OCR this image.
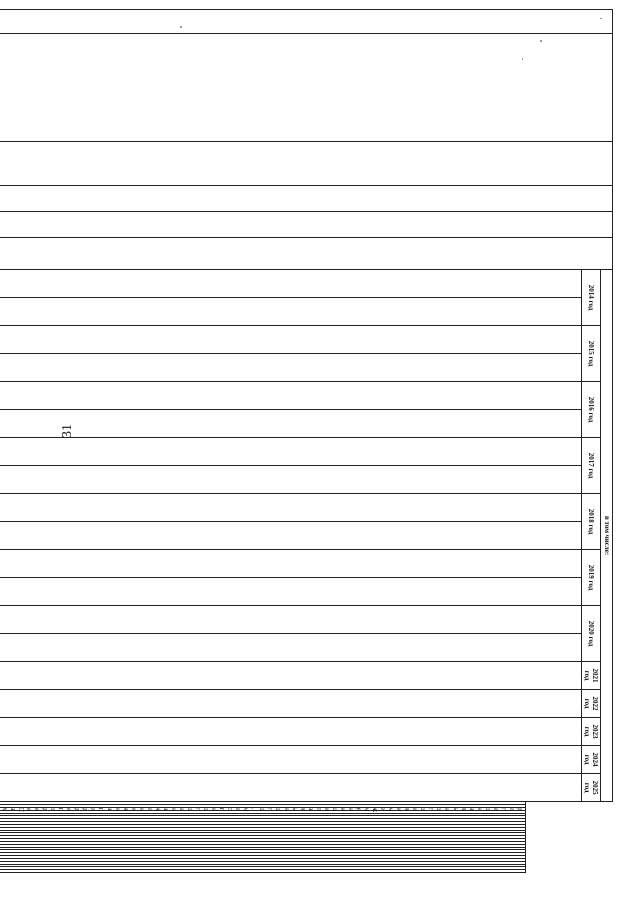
31
						в том числе:																																											
						2014 год		2015 год		2016 год		2017 год		2018 год		2019 год		2020 год		2021 год	2022 год	2023 год	2024 год	2025 год																									

																										регионального или межмуниципального, местного значения на территории Сах																							
